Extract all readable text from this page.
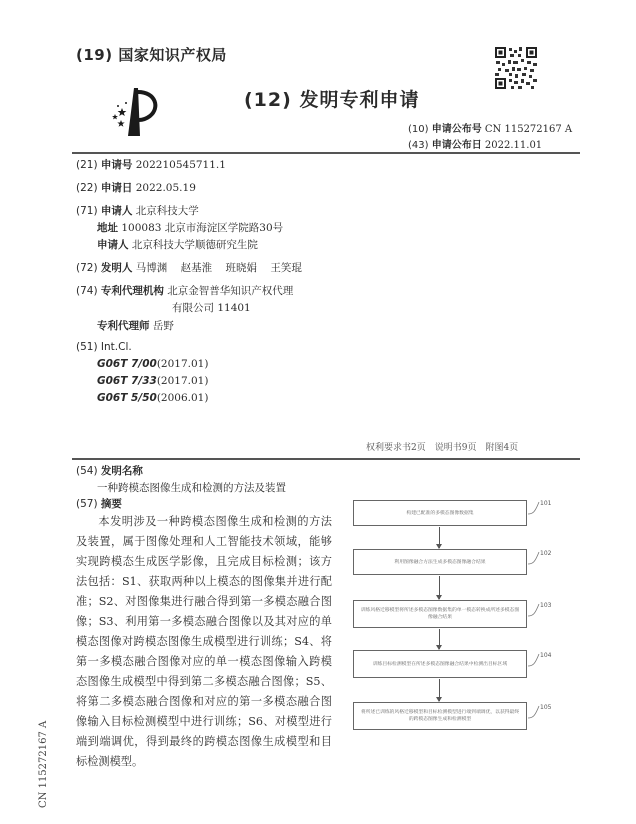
(19) 国家知识产权局
(12) 发明专利申请
(10) 申请公布号 CN 115272167 A
(43) 申请公布日 2022.11.01
(21) 申请号 202210545711.1
(22) 申请日 2022.05.19
(71) 申请人 北京科技大学
地址 100083 北京市海淀区学院路30号
申请人 北京科技大学顺德研究生院
(72) 发明人 马博渊 赵基淮 班晓娟 王笑琨
(74) 专利代理机构 北京金智普华知识产权代理
有限公司 11401
专利代理师 岳野
(51) Int.Cl.
G06T 7/00(2017.01)
G06T 7/33(2017.01)
G06T 5/50(2006.01)
权利要求书2页　说明书9页　附图4页
(54) 发明名称
一种跨模态图像生成和检测的方法及装置
(57) 摘要

本发明涉及一种跨模态图像生成和检测的方法及装置，属于图像处理和人工智能技术领域，能够实现跨模态生成医学影像，且完成目标检测；该方法包括：S1、获取两种以上模态的图像集并进行配准；S2、对图像集进行融合得到第一多模态融合图像；S3、利用第一多模态融合图像以及其对应的单模态图像对跨模态图像生成模型进行训练；S4、将第一多模态融合图像对应的单一模态图像输入跨模态图像生成模型中得到第二多模态融合图像；S5、将第二多模态融合图像和对应的第一多模态融合图像输入目标检测模型中进行训练；S6、对模型进行端到端调优，得到最终的跨模态图像生成模型和目标检测模型。

构建已配准的多模态图像数据集
101
利用图像融合方法生成多模态图像融合结果
102
训练风格迁移模型将所述多模态图像数据集的单一模态转换成所述多模态图像融合结果
103
训练目标检测模型在所述多模态图像融合结果中检测出目标区域
104
将所述已训练的风格迁移模型和目标检测模型进行端到端调优，以获得最终的跨模态图像生成和检测模型
105
CN 115272167 A
